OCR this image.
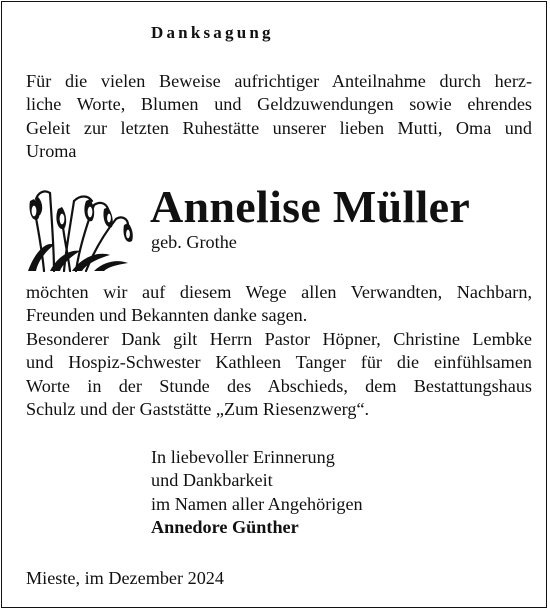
Danksagung
Für die vielen Beweise aufrichtiger Anteilnahme durch herz-
liche Worte, Blumen und Geldzuwendungen sowie ehrendes
Geleit zur letzten Ruhestätte unserer lieben Mutti, Oma und
Uroma
Annelise Müller
geb. Grothe
möchten wir auf diesem Wege allen Verwandten, Nachbarn,
Freunden und Bekannten danke sagen.
Besonderer Dank gilt Herrn Pastor Höpner, Christine Lembke
und Hospiz-Schwester Kathleen Tanger für die einfühlsamen
Worte in der Stunde des Abschieds, dem Bestattungshaus
Schulz und der Gaststätte „Zum Riesenzwerg“.
In liebevoller Erinnerung
und Dankbarkeit
im Namen aller Angehörigen
Annedore Günther
Mieste, im Dezember 2024
